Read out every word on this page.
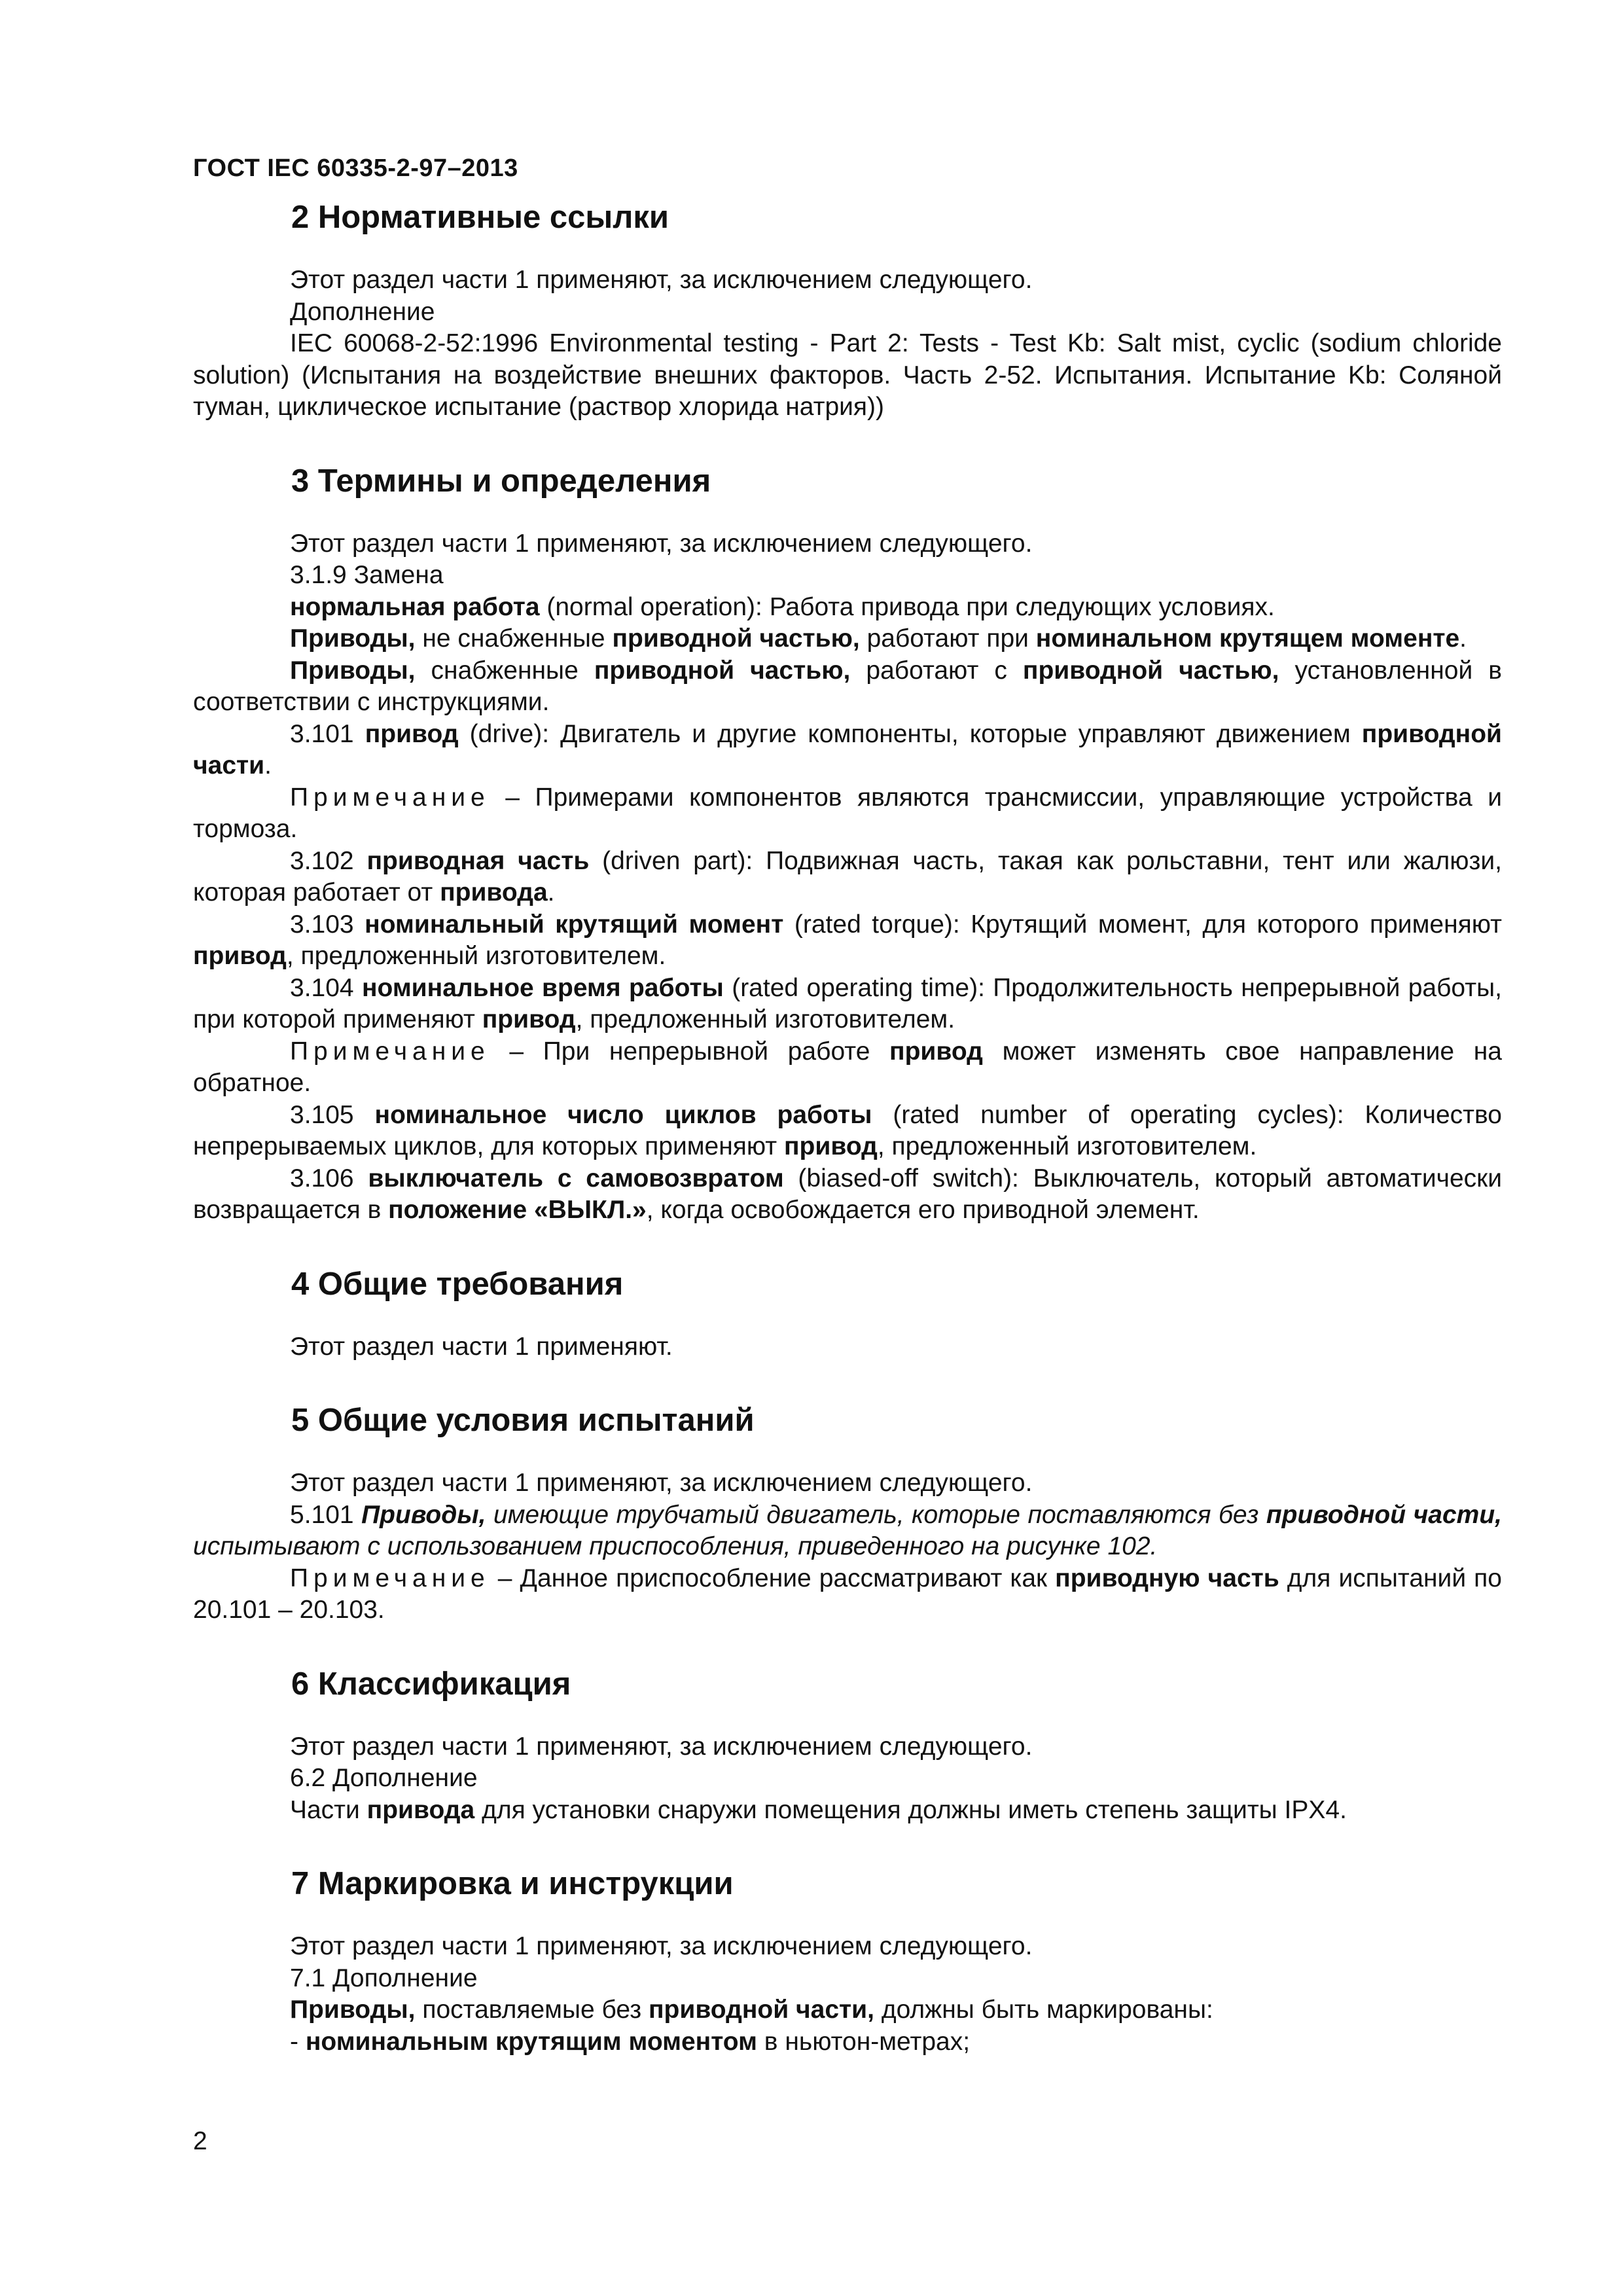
ГОСТ IEC 60335-2-97–2013
2 Нормативные ссылки

Этот раздел части 1 применяют, за исключением следующего.

Дополнение

IEC 60068-2-52:1996 Environmental testing - Part 2: Tests - Test Kb: Salt mist, cyclic (sodium chloride solution) (Испытания на воздействие внешних факторов. Часть 2-52. Испытания. Испытание Kb: Соляной туман, циклическое испытание (раствор хлорида натрия))

3 Термины и определения

Этот раздел части 1 применяют, за исключением следующего.

3.1.9 Замена

нормальная работа (normal operation): Работа привода при следующих условиях.

Приводы, не снабженные приводной частью, работают при номинальном крутящем моменте.

Приводы, снабженные приводной частью, работают с приводной частью, установленной в соответствии с инструкциями.

3.101 привод (drive): Двигатель и другие компоненты, которые управляют движением приводной части.

Примечание – Примерами компонентов являются трансмиссии, управляющие устройства и тормоза.

3.102 приводная часть (driven part): Подвижная часть, такая как рольставни, тент или жалюзи, которая работает от привода.

3.103 номинальный крутящий момент (rated torque): Крутящий момент, для которого применяют привод, предложенный изготовителем.

3.104 номинальное время работы (rated operating time): Продолжительность непрерывной работы, при которой применяют привод, предложенный изготовителем.

Примечание – При непрерывной работе привод может изменять свое направление на обратное.

3.105 номинальное число циклов работы (rated number of operating cycles): Количество непрерываемых циклов, для которых применяют привод, предложенный изготовителем.

3.106 выключатель с самовозвратом (biased-off switch): Выключатель, который автоматически возвращается в положение «ВЫКЛ.», когда освобождается его приводной элемент.

4 Общие требования

Этот раздел части 1 применяют.

5 Общие условия испытаний

Этот раздел части 1 применяют, за исключением следующего.

5.101 Приводы, имеющие трубчатый двигатель, которые поставляются без приводной части, испытывают с использованием приспособления, приведенного на рисунке 102.

Примечание – Данное приспособление рассматривают как приводную часть для испытаний по 20.101 – 20.103.

6 Классификация

Этот раздел части 1 применяют, за исключением следующего.

6.2 Дополнение

Части привода для установки снаружи помещения должны иметь степень защиты IPX4.

7 Маркировка и инструкции

Этот раздел части 1 применяют, за исключением следующего.

7.1 Дополнение

Приводы, поставляемые без приводной части, должны быть маркированы:

- номинальным крутящим моментом в ньютон-метрах;

2
